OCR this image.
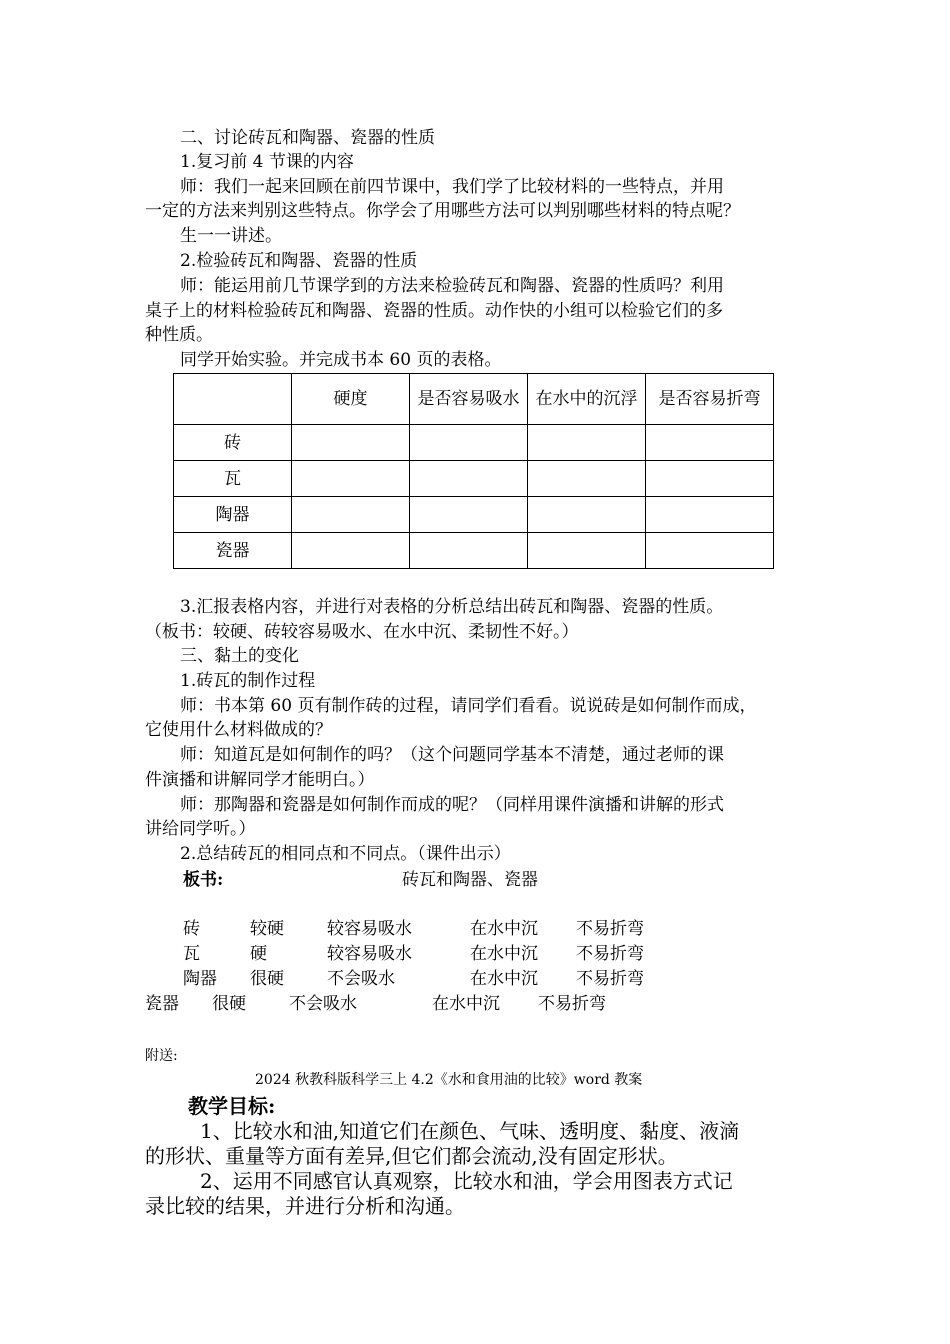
二、讨论砖瓦和陶器、瓷器的性质
1.复习前 4 节课的内容
师：我们一起来回顾在前四节课中，我们学了比较材料的一些特点，并用
一定的方法来判别这些特点。你学会了用哪些方法可以判别哪些材料的特点呢？
生一一讲述。
2.检验砖瓦和陶器、瓷器的性质
师：能运用前几节课学到的方法来检验砖瓦和陶器、瓷器的性质吗？利用
桌子上的材料检验砖瓦和陶器、瓷器的性质。动作快的小组可以检验它们的多
种性质。
同学开始实验。并完成书本 60 页的表格。
	硬度	是否容易吸水	在水中的沉浮	是否容易折弯
砖				
瓦				
陶器				
瓷器				
3.汇报表格内容，并进行对表格的分析总结出砖瓦和陶器、瓷器的性质。
（板书：较硬、砖较容易吸水、在水中沉、柔韧性不好。）
三、黏土的变化
1.砖瓦的制作过程
师：书本第 60 页有制作砖的过程，请同学们看看。说说砖是如何制作而成，
它使用什么材料做成的？
师：知道瓦是如何制作的吗？（这个问题同学基本不清楚，通过老师的课
件演播和讲解同学才能明白。）
师：那陶器和瓷器是如何制作而成的呢？（同样用课件演播和讲解的形式
讲给同学听。）
2.总结砖瓦的相同点和不同点。（课件出示）
板书:	砖瓦和陶器、瓷器
砖	较硬	较容易吸水	在水中沉 不易折弯
瓦	硬	较容易吸水	在水中沉 不易折弯
陶器 很硬	不会吸水	在水中沉 不易折弯
瓷器 很硬	不会吸水	在水中沉 不易折弯
附送:
2024 秋教科版科学三上 4.2《水和食用油的比较》word 教案
教学目标:
1、比较水和油,知道它们在颜色、气味、透明度、黏度、液滴
的形状、重量等方面有差异,但它们都会流动,没有固定形状。
2、运用不同感官认真观察，比较水和油，学会用图表方式记
录比较的结果，并进行分析和沟通。
